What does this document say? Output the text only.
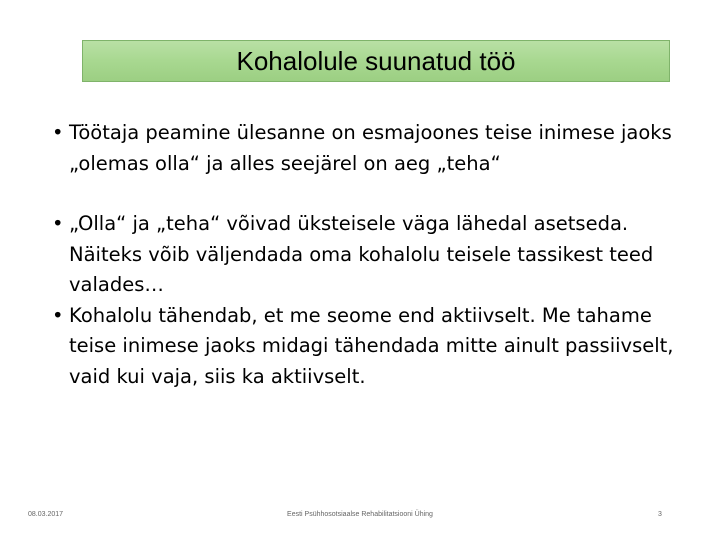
Kohalolule suunatud töö

• Töötaja peamine ülesanne on esmajoones teise inimese jaoks „olemas olla“ ja alles seejärel on aeg „teha“

• „Olla“ ja „teha“ võivad üksteisele väga lähedal asetseda. Näiteks võib väljendada oma kohalolu teisele tassikest teed valades…

• Kohalolu tähendab, et me seome end aktiivselt. Me tahame teise inimese jaoks midagi tähendada mitte ainult passiivselt, vaid kui vaja, siis ka aktiivselt.

08.03.2017	Eesti Psühhosotsiaalse Rehabilitatsiooni Ühing	3
